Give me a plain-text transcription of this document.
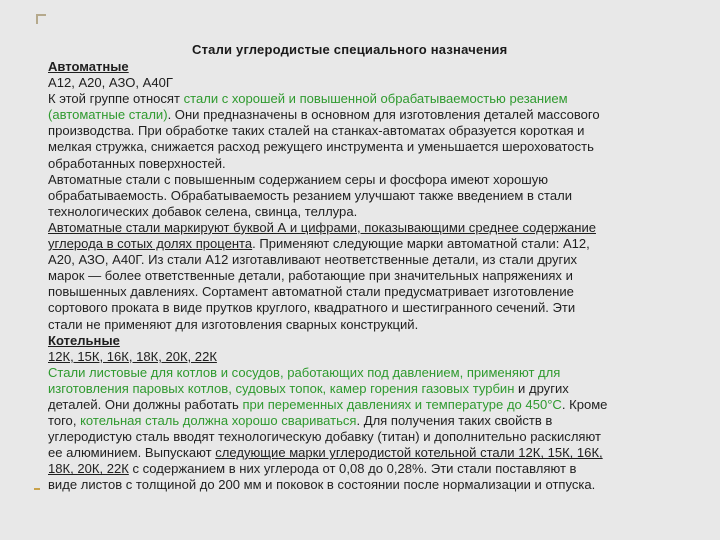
Стали углеродистые специального назначения
Автоматные
А12, А20, АЗО, А40Г
К этой группе относят стали с хорошей и повышенной обрабатываемостью резанием
(автоматные стали). Они предназначены в основном для изготовления деталей массового
производства. При обработке таких сталей на станках-автоматах образуется короткая и
мелкая стружка, снижается расход режущего инструмента и уменьшается шероховатость
обработанных поверхностей.
Автоматные стали с повышенным содержанием серы и фосфора имеют хорошую
обрабатываемость. Обрабатываемость резанием улучшают также введением в стали
технологических добавок селена, свинца, теллура.
Автоматные стали маркируют буквой А и цифрами, показывающими среднее содержание
углерода в сотых долях процента. Применяют следующие марки автоматной стали: А12,
А20, АЗО, А40Г. Из стали А12 изготавливают неответственные детали, из стали других
марок — более ответственные детали, работающие при значительных напряжениях и
повышенных давлениях. Сортамент автоматной стали предусматривает изготовление
сортового проката в виде прутков круглого, квадратного и шестигранного сечений. Эти
стали не применяют для изготовления сварных конструкций.
Котельные
12К, 15К, 16К, 18К, 20К, 22К
Стали листовые для котлов и сосудов, работающих под давлением, применяют для
изготовления паровых котлов, судовых топок, камер горения газовых турбин и других
деталей. Они должны работать при переменных давлениях и температуре до 450°С. Кроме
того, котельная сталь должна хорошо свариваться. Для получения таких свойств в
углеродистую сталь вводят технологическую добавку (титан) и дополнительно раскисляют
ее алюминием. Выпускают следующие марки углеродистой котельной стали 12К, 15К, 16К,
18К, 20К, 22К с содержанием в них углерода от 0,08 до 0,28%. Эти стали поставляют в
виде листов с толщиной до 200 мм и поковок в состоянии после нормализации и отпуска.
